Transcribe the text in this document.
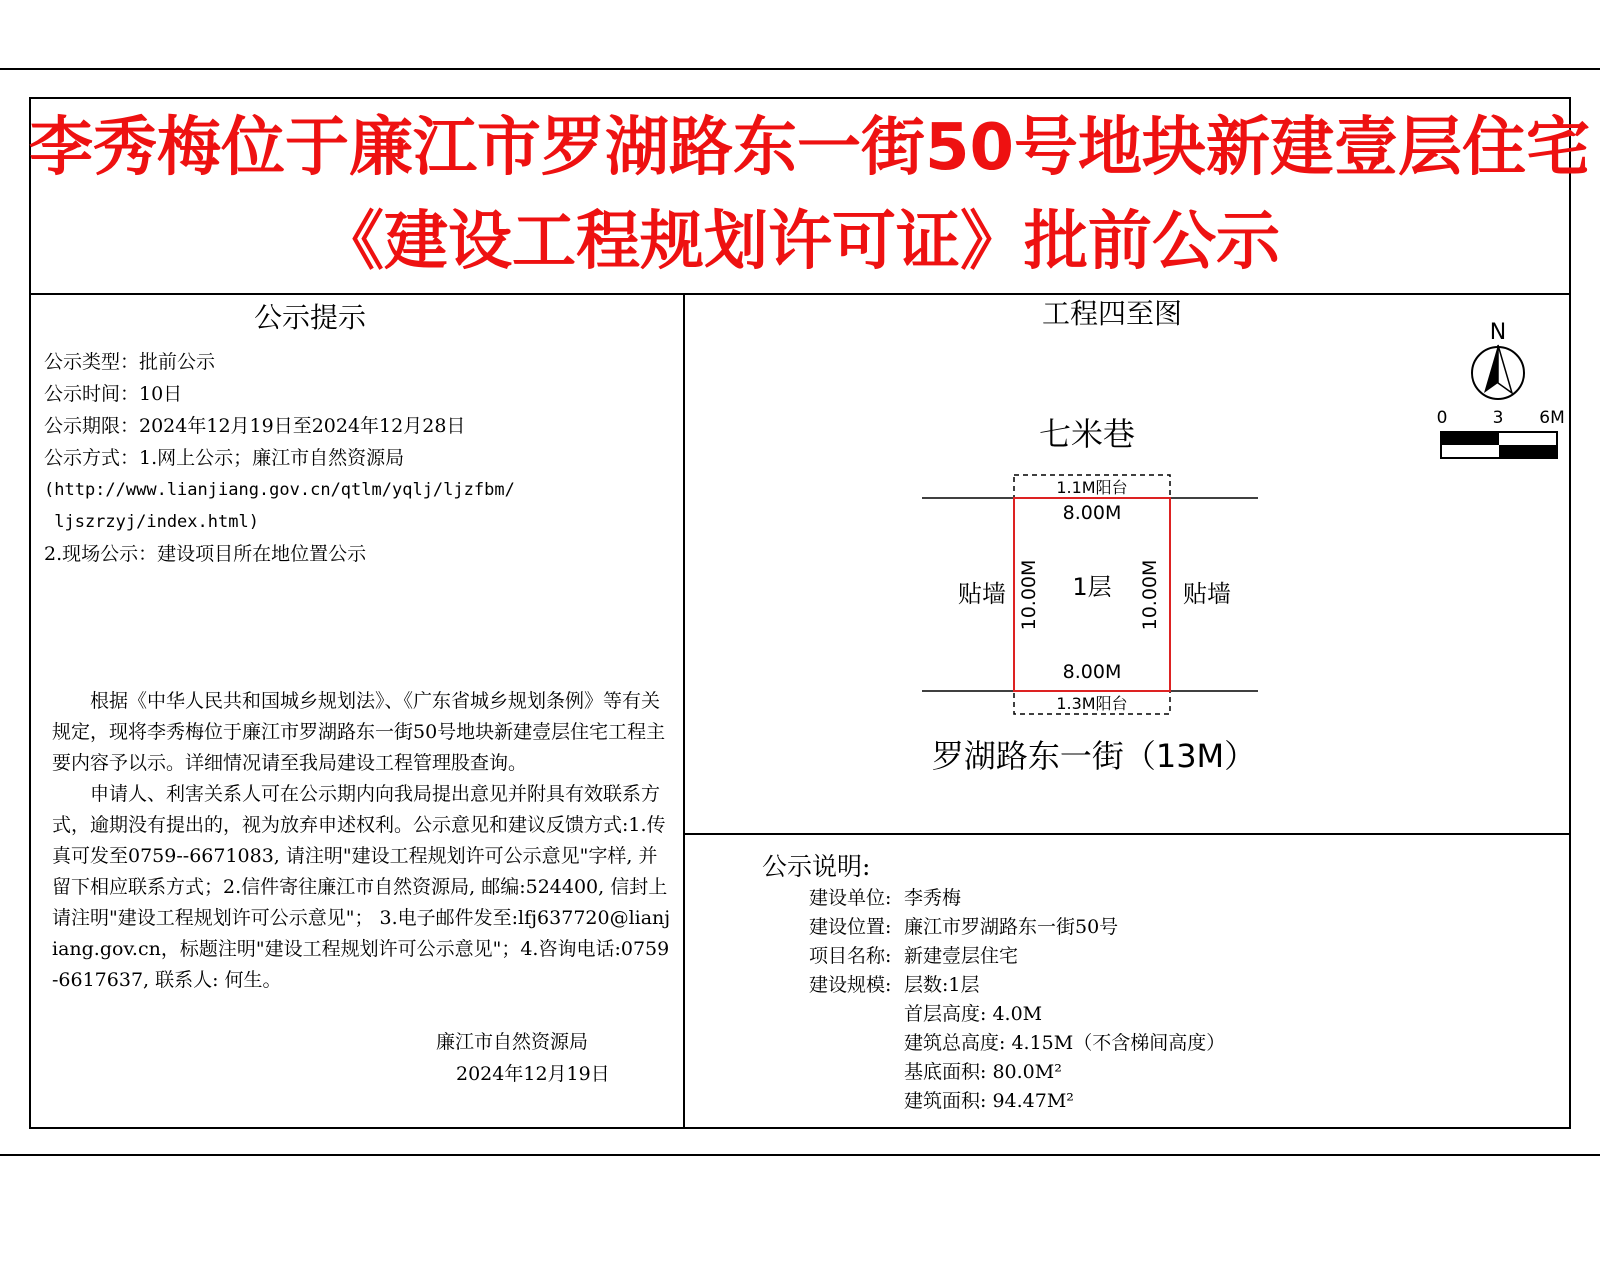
李秀梅位于廉江市罗湖路东一街50号地块新建壹层住宅
《建设工程规划许可证》批前公示
公示提示
公示类型：批前公示
公示时间：10日
公示期限：2024年12月19日至2024年12月28日
公示方式：1.网上公示；廉江市自然资源局
(http://www.lianjiang.gov.cn/qtlm/yqlj/ljzfbm/
ljszrzyj/index.html)
2.现场公示：建设项目所在地位置公示
根据《中华人民共和国城乡规划法》、《广东省城乡规划条例》等有关规定，现将李秀梅位于廉江市罗湖路东一街50号地块新建壹层住宅工程主要内容予以示。详细情况请至我局建设工程管理股查询。
申请人、利害关系人可在公示期内向我局提出意见并附具有效联系方式，逾期没有提出的，视为放弃申述权利。公示意见和建议反馈方式:1.传真可发至0759--6671083, 请注明"建设工程规划许可公示意见"字样, 并留下相应联系方式；2.信件寄往廉江市自然资源局, 邮编:524400, 信封上请注明"建设工程规划许可公示意见"； 3.电子邮件发至:lfj637720@lianjiang.gov.cn，标题注明"建设工程规划许可公示意见"；4.咨询电话:0759-6617637, 联系人: 何生。
廉江市自然资源局
2024年12月19日
工程四至图
N
0	3 6M
七米巷
罗湖路东一街（13M）
1.1M阳台
1.3M阳台
8.00M
8.00M
1层
10.00M	10.00M
贴墙	贴墙
公示说明:
建设单位: 李秀梅
建设位置: 廉江市罗湖路东一街50号
项目名称: 新建壹层住宅
建设规模: 层数:1层
首层高度: 4.0M
建筑总高度: 4.15M（不含梯间高度）
基底面积: 80.0M²
建筑面积: 94.47M²
